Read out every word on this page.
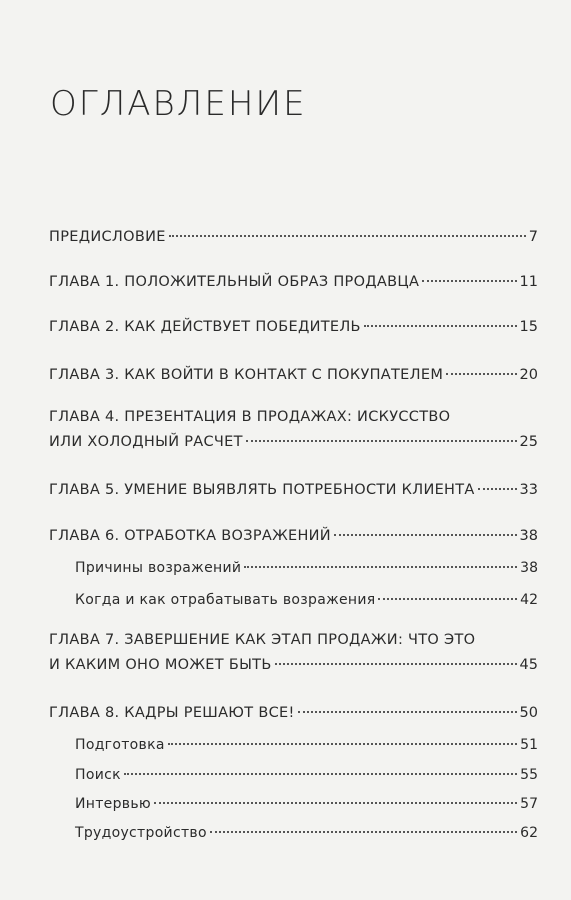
ОГЛАВЛЕНИЕ
ПРЕДИСЛОВИЕ	7
ГЛАВА 1. ПОЛОЖИТЕЛЬНЫЙ ОБРАЗ ПРОДАВЦА	11
ГЛАВА 2. КАК ДЕЙСТВУЕТ ПОБЕДИТЕЛЬ	15
ГЛАВА 3. КАК ВОЙТИ В КОНТАКТ С ПОКУПАТЕЛЕМ	20
ГЛАВА 4. ПРЕЗЕНТАЦИЯ В ПРОДАЖАХ: ИСКУССТВО
ИЛИ ХОЛОДНЫЙ РАСЧЕТ	25
ГЛАВА 5. УМЕНИЕ ВЫЯВЛЯТЬ ПОТРЕБНОСТИ КЛИЕНТА	33
ГЛАВА 6. ОТРАБОТКА ВОЗРАЖЕНИЙ	38
Причины возражений	38
Когда и как отрабатывать возражения	42
ГЛАВА 7. ЗАВЕРШЕНИЕ КАК ЭТАП ПРОДАЖИ: ЧТО ЭТО
И КАКИМ ОНО МОЖЕТ БЫТЬ	45
ГЛАВА 8. КАДРЫ РЕШАЮТ ВСЕ!	50
Подготовка	51
Поиск	55
Интервью	57
Трудоустройство	62
